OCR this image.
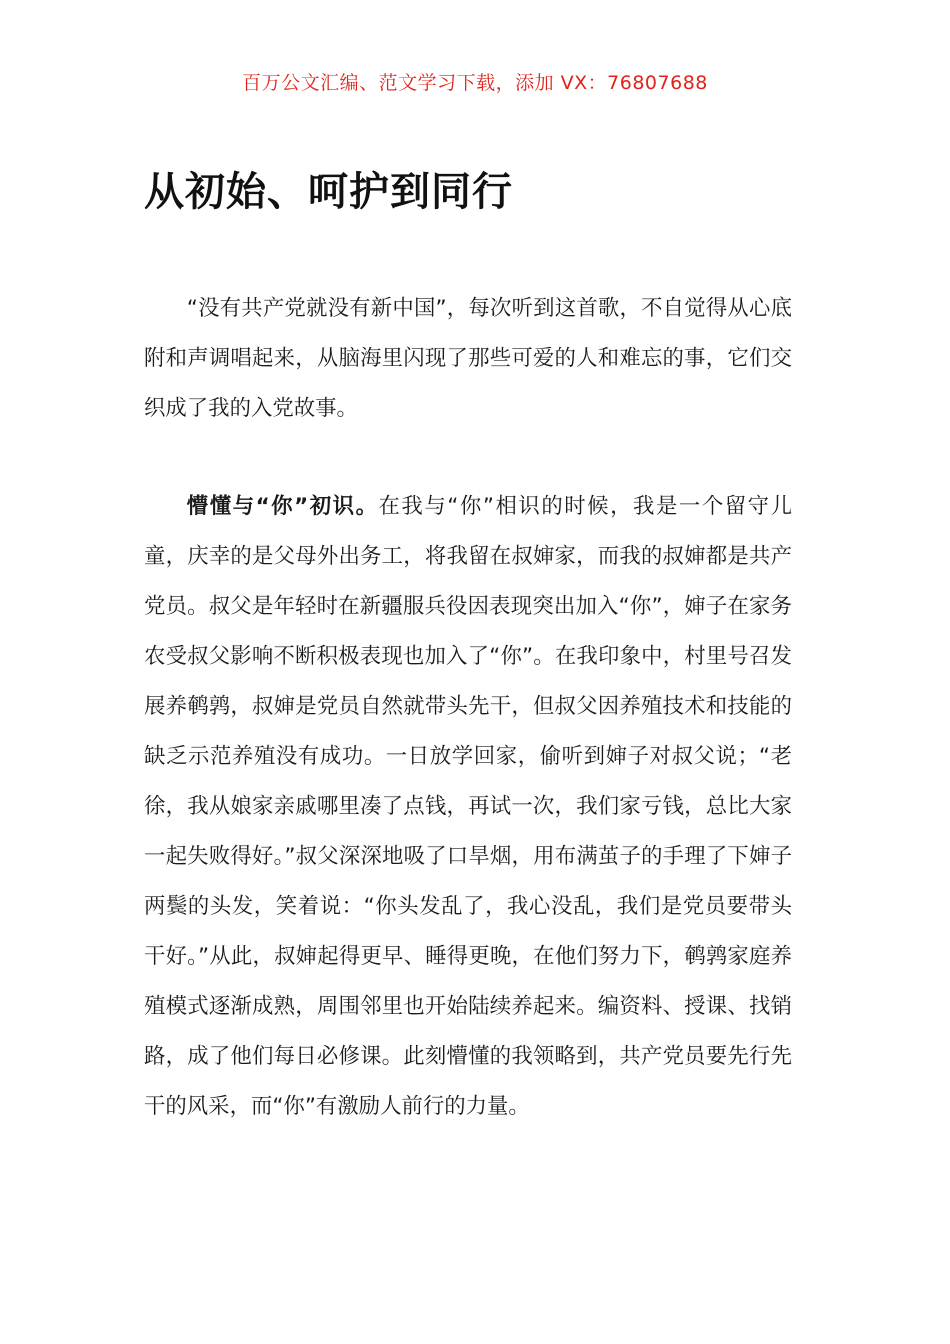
百万公文汇编、范文学习下载，添加 VX：76807688
从初始、呵护到同行

“没有共产党就没有新中国”，每次听到这首歌，不自觉得从心底附和声调唱起来，从脑海里闪现了那些可爱的人和难忘的事，它们交织成了我的入党故事。

懵懂与“你”初识。在我与“你”相识的时候，我是一个留守儿童，庆幸的是父母外出务工，将我留在叔婶家，而我的叔婶都是共产党员。叔父是年轻时在新疆服兵役因表现突出加入“你”，婶子在家务农受叔父影响不断积极表现也加入了“你”。在我印象中，村里号召发展养鹌鹑，叔婶是党员自然就带头先干，但叔父因养殖技术和技能的缺乏示范养殖没有成功。一日放学回家，偷听到婶子对叔父说；“老徐，我从娘家亲戚哪里凑了点钱，再试一次，我们家亏钱，总比大家一起失败得好。”叔父深深地吸了口旱烟，用布满茧子的手理了下婶子两鬓的头发，笑着说：“你头发乱了，我心没乱，我们是党员要带头干好。”从此，叔婶起得更早、睡得更晚，在他们努力下，鹌鹑家庭养殖模式逐渐成熟，周围邻里也开始陆续养起来。编资料、授课、找销路，成了他们每日必修课。此刻懵懂的我领略到，共产党员要先行先干的风采，而“你”有激励人前行的力量。
